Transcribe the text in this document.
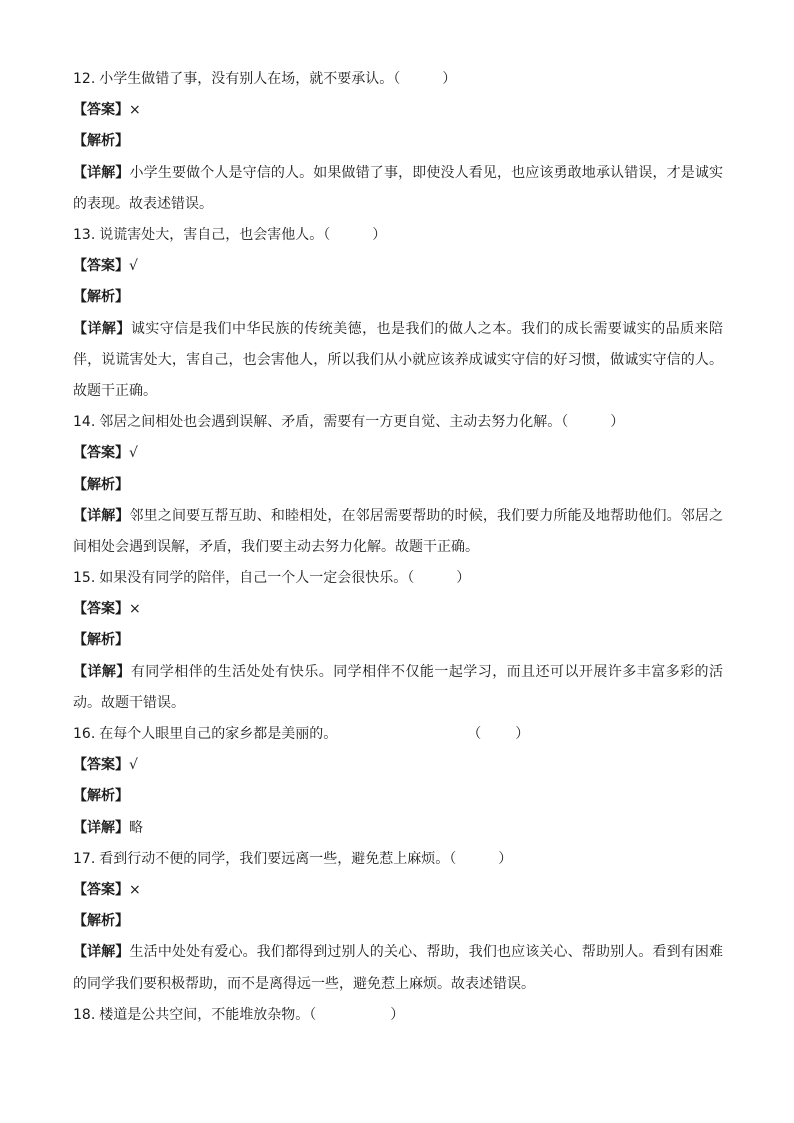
12. 小学生做错了事，没有别人在场，就不要承认。（	）
【答案】×
【解析】
【详解】小学生要做个人是守信的人。如果做错了事，即使没人看见，也应该勇敢地承认错误，才是诚实的表现。故表述错误。
13. 说谎害处大，害自己，也会害他人。（	）
【答案】√
【解析】
【详解】诚实守信是我们中华民族的传统美德，也是我们的做人之本。我们的成长需要诚实的品质来陪伴，说谎害处大，害自己，也会害他人，所以我们从小就应该养成诚实守信的好习惯，做诚实守信的人。故题干正确。
14. 邻居之间相处也会遇到误解、矛盾，需要有一方更自觉、主动去努力化解。（	）
【答案】√
【解析】
【详解】邻里之间要互帮互助、和睦相处，在邻居需要帮助的时候，我们要力所能及地帮助他们。邻居之间相处会遇到误解，矛盾，我们要主动去努力化解。故题干正确。
15. 如果没有同学的陪伴，自己一个人一定会很快乐。（	）
【答案】×
【解析】
【详解】有同学相伴的生活处处有快乐。同学相伴不仅能一起学习，而且还可以开展许多丰富多彩的活动。故题干错误。
16. 在每个人眼里自己的家乡都是美丽的。	（ ）
【答案】√
【解析】
【详解】略
17. 看到行动不便的同学，我们要远离一些，避免惹上麻烦。（	）
【答案】×
【解析】
【详解】生活中处处有爱心。我们都得到过别人的关心、帮助，我们也应该关心、帮助别人。看到有困难的同学我们要积极帮助，而不是离得远一些，避免惹上麻烦。故表述错误。
18. 楼道是公共空间，不能堆放杂物。（	）
